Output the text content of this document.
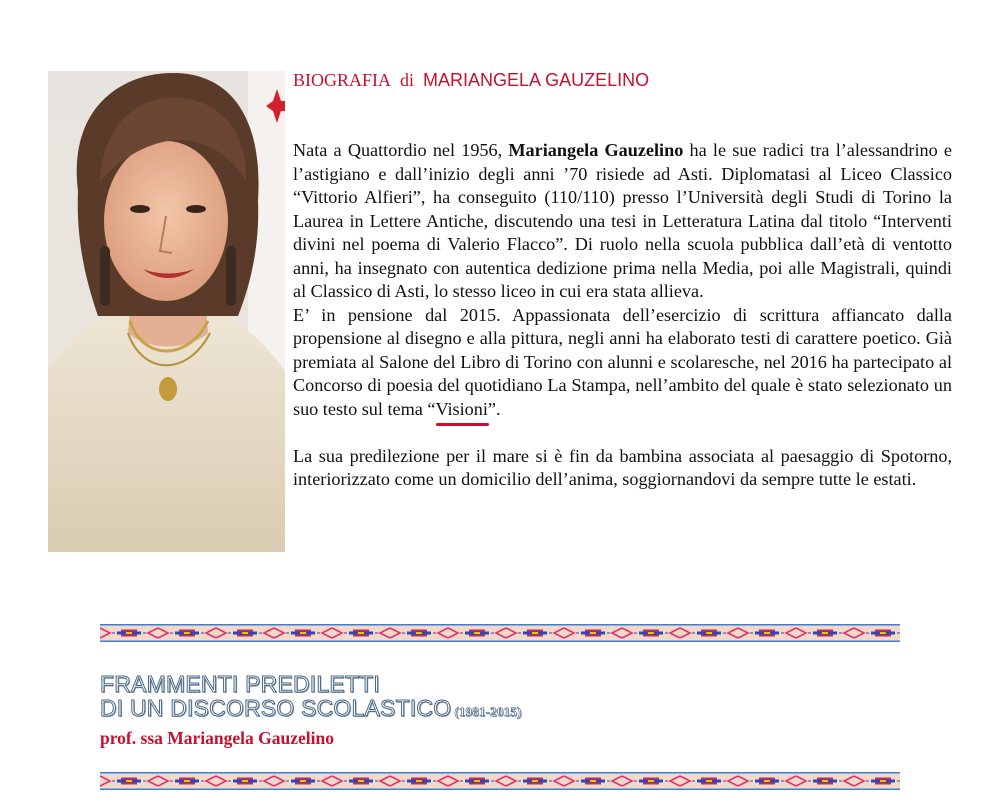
BIOGRAFIA di MARIANGELA GAUZELINO

Nata a Quattordio nel 1956, Mariangela Gauzelino ha le sue radici tra l’alessandrino e l’astigiano e dall’inizio degli anni ’70 risiede ad Asti. Diplomatasi al Liceo Classico “Vittorio Alfieri”, ha conseguito (110/110) presso l’Università degli Studi di Torino la Laurea in Lettere Antiche, discutendo una tesi in Letteratura Latina dal titolo “Interventi divini nel poema di Valerio Flacco”. Di ruolo nella scuola pubblica dall’età di ventotto anni, ha insegnato con autentica dedizione prima nella Media, poi alle Magistrali, quindi al Classico di Asti, lo stesso liceo in cui era stata allieva.

E’ in pensione dal 2015. Appassionata dell’esercizio di scrittura affiancato dalla propensione al disegno e alla pittura, negli anni ha elaborato testi di carattere poetico. Già premiata al Salone del Libro di Torino con alunni e scolaresche, nel 2016 ha partecipato al Concorso di poesia del quotidiano La Stampa, nell’ambito del quale è stato selezionato un suo testo sul tema “Visioni”.

La sua predilezione per il mare si è fin da bambina associata al paesaggio di Spotorno, interiorizzato come un domicilio dell’anima, soggiornandovi da sempre tutte le estati.

FRAMMENTI PREDILETTI
DI UN DISCORSO SCOLASTICO (1981-2015)
prof. ssa Mariangela Gauzelino
